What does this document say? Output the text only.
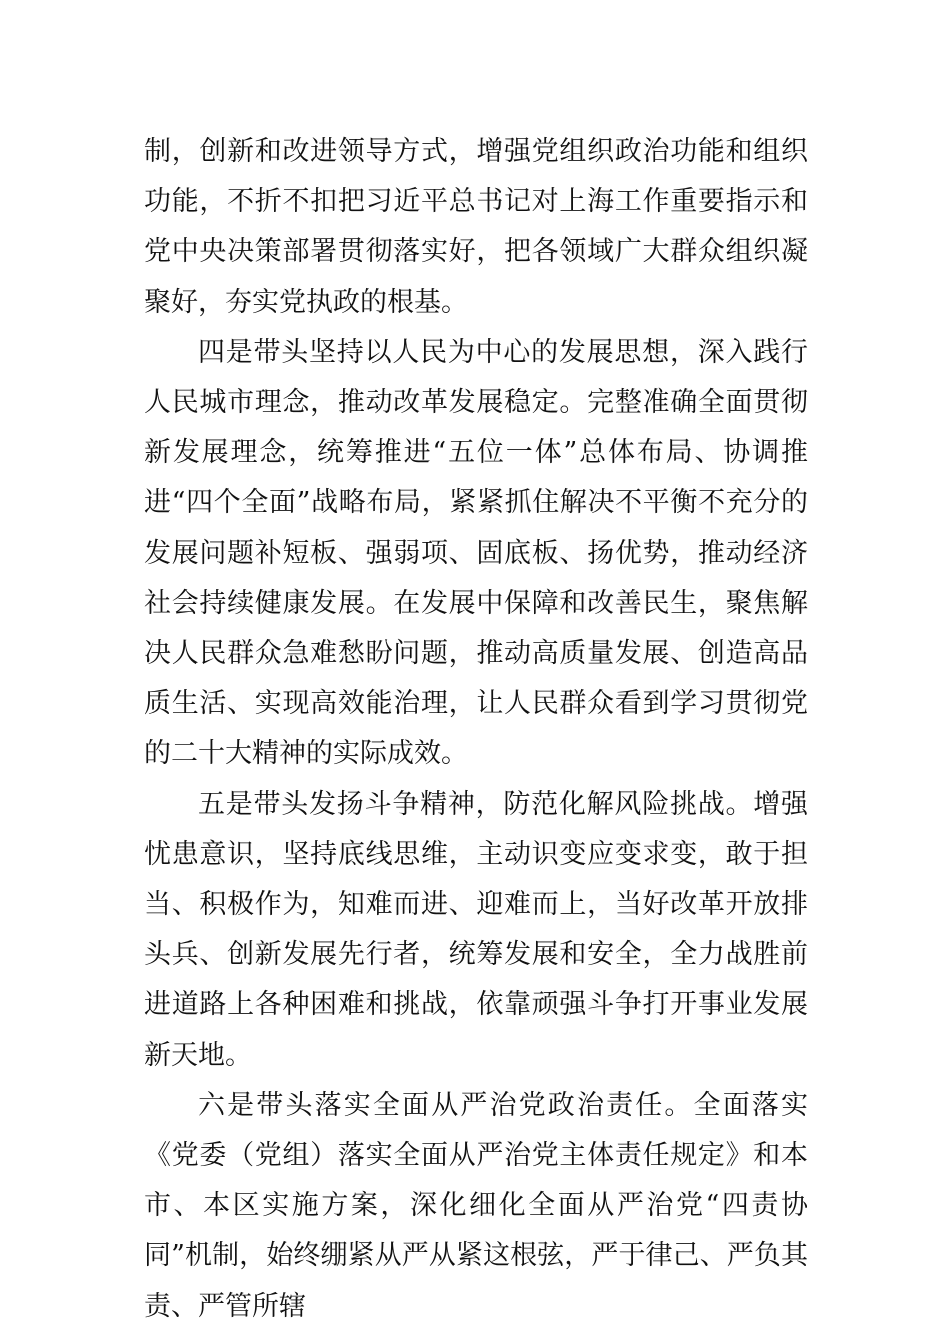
制，创新和改进领导方式，增强党组织政治功能和组织功能，不折不扣把习近平总书记对上海工作重要指示和党中央决策部署贯彻落实好，把各领域广大群众组织凝聚好，夯实党执政的根基。

四是带头坚持以人民为中心的发展思想，深入践行人民城市理念，推动改革发展稳定。完整准确全面贯彻新发展理念，统筹推进“五位一体”总体布局、协调推进“四个全面”战略布局，紧紧抓住解决不平衡不充分的发展问题补短板、强弱项、固底板、扬优势，推动经济社会持续健康发展。在发展中保障和改善民生，聚焦解决人民群众急难愁盼问题，推动高质量发展、创造高品质生活、实现高效能治理，让人民群众看到学习贯彻党的二十大精神的实际成效。

五是带头发扬斗争精神，防范化解风险挑战。增强忧患意识，坚持底线思维，主动识变应变求变，敢于担当、积极作为，知难而进、迎难而上，当好改革开放排头兵、创新发展先行者，统筹发展和安全，全力战胜前进道路上各种困难和挑战，依靠顽强斗争打开事业发展新天地。

六是带头落实全面从严治党政治责任。全面落实《党委（党组）落实全面从严治党主体责任规定》和本市、本区实施方案，深化细化全面从严治党“四责协同”机制，始终绷紧从严从紧这根弦，严于律己、严负其责、严管所辖
